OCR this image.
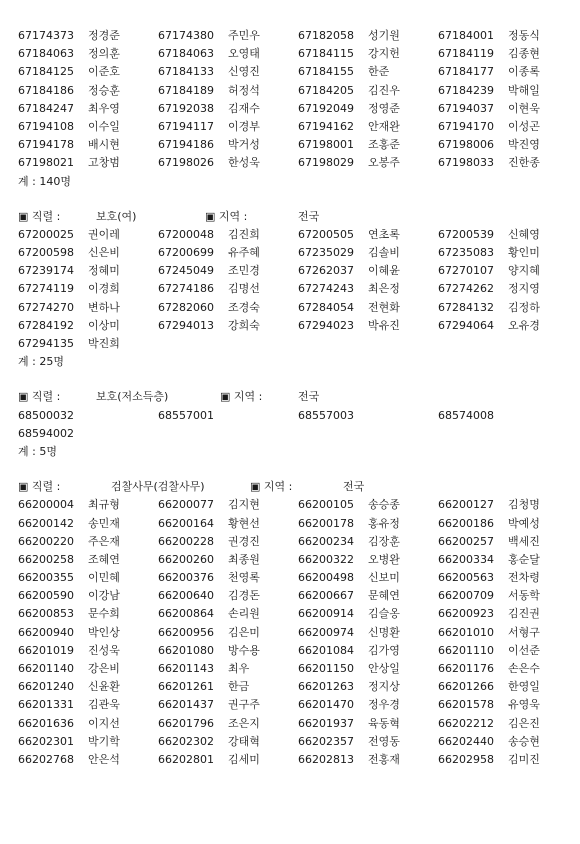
67174373 정경준	67174380 주민우	67182058 성기원	67184001 정동식
67184063 정의훈	67184063 오영태	67184115 강지헌	67184119 김종현
67184125 이준호	67184133 신영진	67184155 한준	67184177 이종록
67184186 정승훈	67184189 허정석	67184205 김진우	67184239 박해일
67184247 최우영	67192038 김재수	67192049 정영준	67194037 이현욱
67194108 이수일	67194117 이경부	67194162 안재완	67194170 이성곤
67194178 배시현	67194186 박거성	67198001 조홍준	67198006 박진영
67198021 고창범	67198026 한성욱	67198029 오봉주	67198033 진한종
계 : 140명
▣ 직렬 :	보호(여)	▣ 지역 :	전국
67200025 권이레	67200048 김진희	67200505 연초록	67200539 신혜영
67200598 신은비	67200699 유주혜	67235029 김솔비	67235083 황인미
67239174 정혜미	67245049 조민경	67262037 이혜윤	67270107 양지혜
67274119 이경희	67274186 김명선	67274243 최은정	67274262 정지영
67274270 변하나	67282060 조경숙	67284054 전현화	67284132 김정하
67284192 이상미	67294013 강희숙	67294023 박유진	67294064 오유경
67294135 박진희
계 : 25명
▣ 직렬 :	보호(저소득층)	▣ 지역 :	전국
68500032	68557001	68557003	68574008
68594002
계 : 5명
▣ 직렬 :	검찰사무(검찰사무)	▣ 지역 :	전국
66200004 최규형	66200077 김지현	66200105 송승종	66200127 김청명
66200142 송민재	66200164 황현선	66200178 홍유정	66200186 박예성
66200220 주은재	66200228 권경진	66200234 김장훈	66200257 백세진
66200258 조혜연	66200260 최종원	66200322 오병완	66200334 홍순달
66200355 이민혜	66200376 천영록	66200498 신보미	66200563 전차령
66200590 이강남	66200640 김경돈	66200667 문혜연	66200709 서동학
66200853 문수희	66200864 손리원	66200914 김슬옹	66200923 김진권
66200940 박인상	66200956 김은미	66200974 신명환	66201010 서형구
66201019 진성욱	66201080 방수용	66201084 김가영	66201110 이선준
66201140 강은비	66201143 최우	66201150 안상일	66201176 손은수
66201240 신윤환	66201261 한금	66201263 정지상	66201266 한영일
66201331 김관욱	66201437 권구주	66201470 정우경	66201578 유영욱
66201636 이지선	66201796 조은지	66201937 육동혁	66202212 김은진
66202301 박기학	66202302 강태혁	66202357 전영동	66202440 송승현
66202768 안은석	66202801 김세미	66202813 전홍재	66202958 김미진
